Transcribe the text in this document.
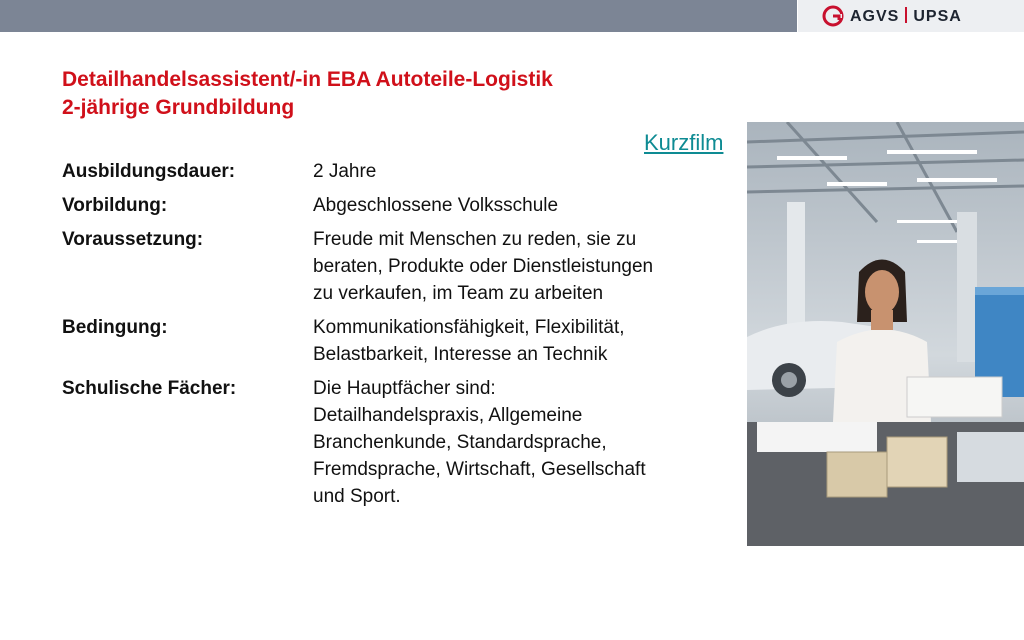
AGVS UPSA
Detailhandelsassistent/-in EBA Autoteile-Logistik
2-jährige Grundbildung
Kurzfilm
Ausbildungsdauer:	2 Jahre
Vorbildung:	Abgeschlossene Volksschule
Voraussetzung:	Freude mit Menschen zu reden, sie zu
beraten, Produkte oder Dienstleistungen
zu verkaufen, im Team zu arbeiten
Bedingung:	Kommunikationsfähigkeit, Flexibilität,
Belastbarkeit, Interesse an Technik
Schulische Fächer:	Die Hauptfächer sind:
Detailhandelspraxis, Allgemeine
Branchenkunde, Standardsprache,
Fremdsprache, Wirtschaft, Gesellschaft
und Sport.
